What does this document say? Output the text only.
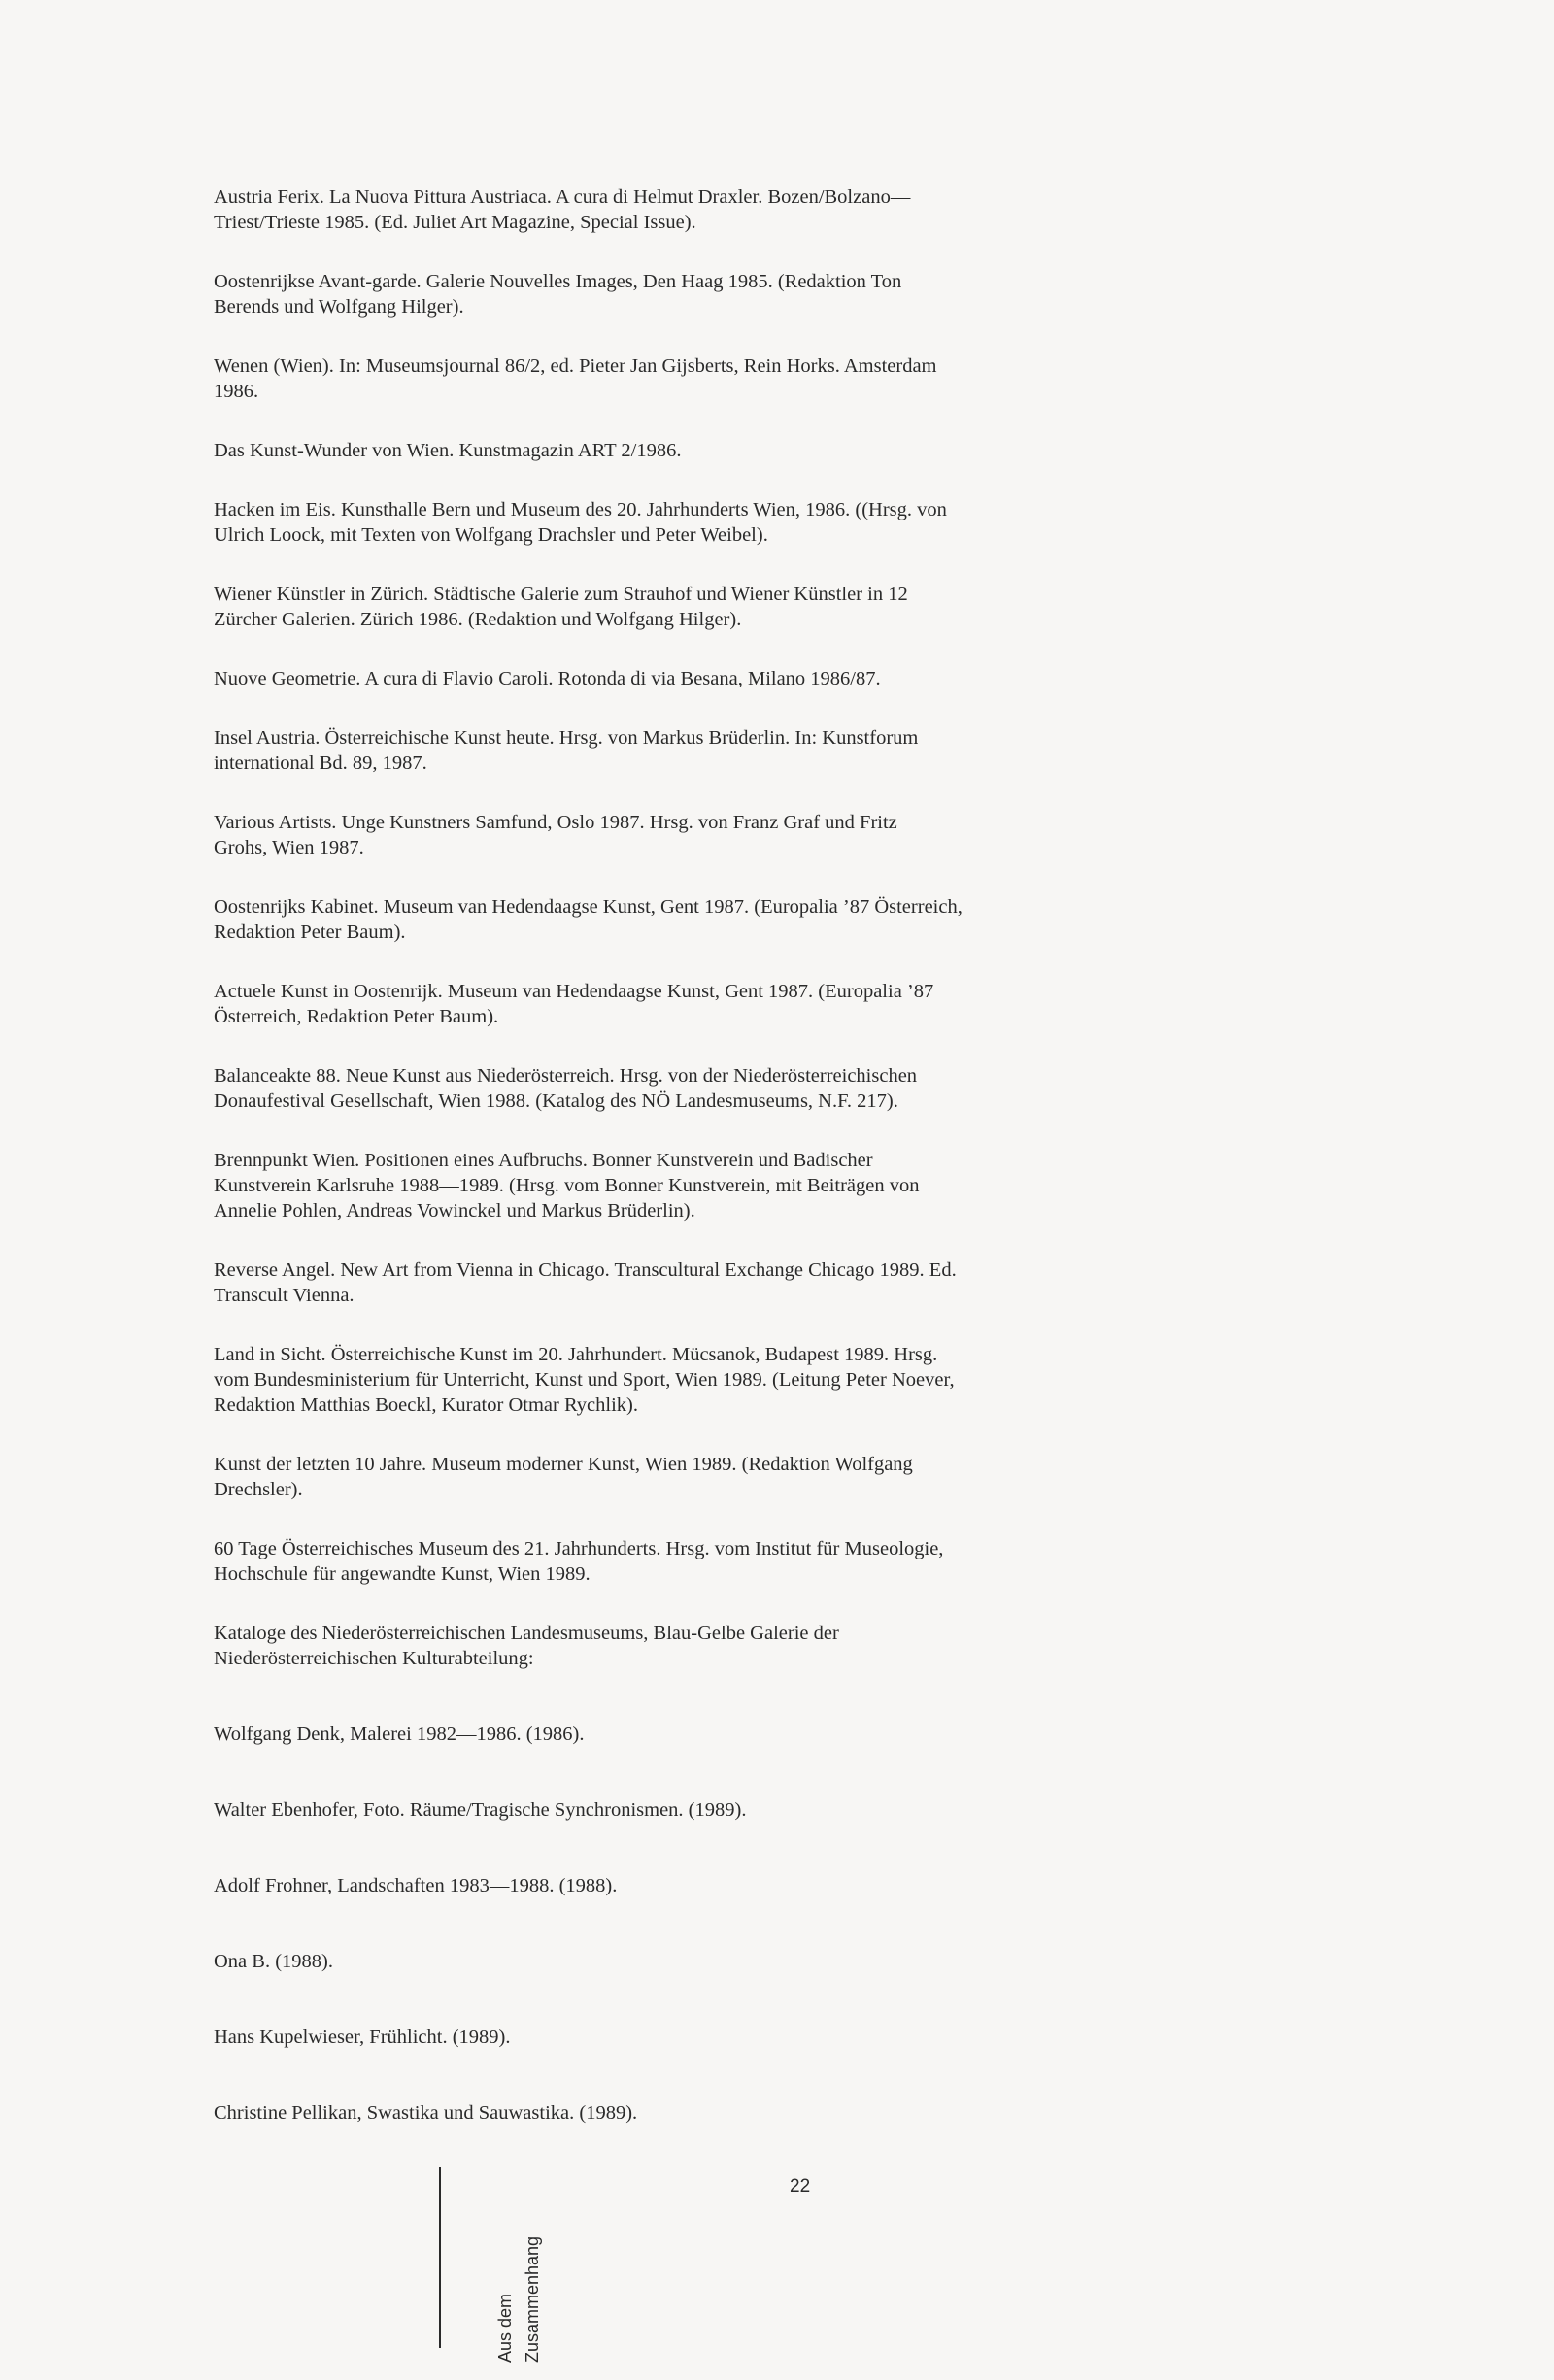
Austria Ferix. La Nuova Pittura Austriaca. A cura di Helmut Draxler. Bozen/Bolzano—
Triest/Trieste 1985. (Ed. Juliet Art Magazine, Special Issue).

Oostenrijkse Avant-garde. Galerie Nouvelles Images, Den Haag 1985. (Redaktion Ton
Berends und Wolfgang Hilger).

Wenen (Wien). In: Museumsjournal 86/2, ed. Pieter Jan Gijsberts, Rein Horks. Amsterdam
1986.

Das Kunst-Wunder von Wien. Kunstmagazin ART 2/1986.

Hacken im Eis. Kunsthalle Bern und Museum des 20. Jahrhunderts Wien, 1986. ((Hrsg. von
Ulrich Loock, mit Texten von Wolfgang Drachsler und Peter Weibel).

Wiener Künstler in Zürich. Städtische Galerie zum Strauhof und Wiener Künstler in 12
Zürcher Galerien. Zürich 1986. (Redaktion und Wolfgang Hilger).

Nuove Geometrie. A cura di Flavio Caroli. Rotonda di via Besana, Milano 1986/87.

Insel Austria. Österreichische Kunst heute. Hrsg. von Markus Brüderlin. In: Kunstforum
international Bd. 89, 1987.

Various Artists. Unge Kunstners Samfund, Oslo 1987. Hrsg. von Franz Graf und Fritz
Grohs, Wien 1987.

Oostenrijks Kabinet. Museum van Hedendaagse Kunst, Gent 1987. (Europalia ’87 Österreich,
Redaktion Peter Baum).

Actuele Kunst in Oostenrijk. Museum van Hedendaagse Kunst, Gent 1987. (Europalia ’87
Österreich, Redaktion Peter Baum).

Balanceakte 88. Neue Kunst aus Niederösterreich. Hrsg. von der Niederösterreichischen
Donaufestival Gesellschaft, Wien 1988. (Katalog des NÖ Landesmuseums, N.F. 217).

Brennpunkt Wien. Positionen eines Aufbruchs. Bonner Kunstverein und Badischer
Kunstverein Karlsruhe 1988—1989. (Hrsg. vom Bonner Kunstverein, mit Beiträgen von
Annelie Pohlen, Andreas Vowinckel und Markus Brüderlin).

Reverse Angel. New Art from Vienna in Chicago. Transcultural Exchange Chicago 1989. Ed.
Transcult Vienna.

Land in Sicht. Österreichische Kunst im 20. Jahrhundert. Mücsanok, Budapest 1989. Hrsg.
vom Bundesministerium für Unterricht, Kunst und Sport, Wien 1989. (Leitung Peter Noever,
Redaktion Matthias Boeckl, Kurator Otmar Rychlik).

Kunst der letzten 10 Jahre. Museum moderner Kunst, Wien 1989. (Redaktion Wolfgang
Drechsler).

60 Tage Österreichisches Museum des 21. Jahrhunderts. Hrsg. vom Institut für Museologie,
Hochschule für angewandte Kunst, Wien 1989.

Kataloge des Niederösterreichischen Landesmuseums, Blau-Gelbe Galerie der
Niederösterreichischen Kulturabteilung:

Wolfgang Denk, Malerei 1982—1986. (1986).

Walter Ebenhofer, Foto. Räume/Tragische Synchronismen. (1989).

Adolf Frohner, Landschaften 1983—1988. (1988).

Ona B. (1988).

Hans Kupelwieser, Frühlicht. (1989).

Christine Pellikan, Swastika und Sauwastika. (1989).

22
Aus dem Zusammenhang
